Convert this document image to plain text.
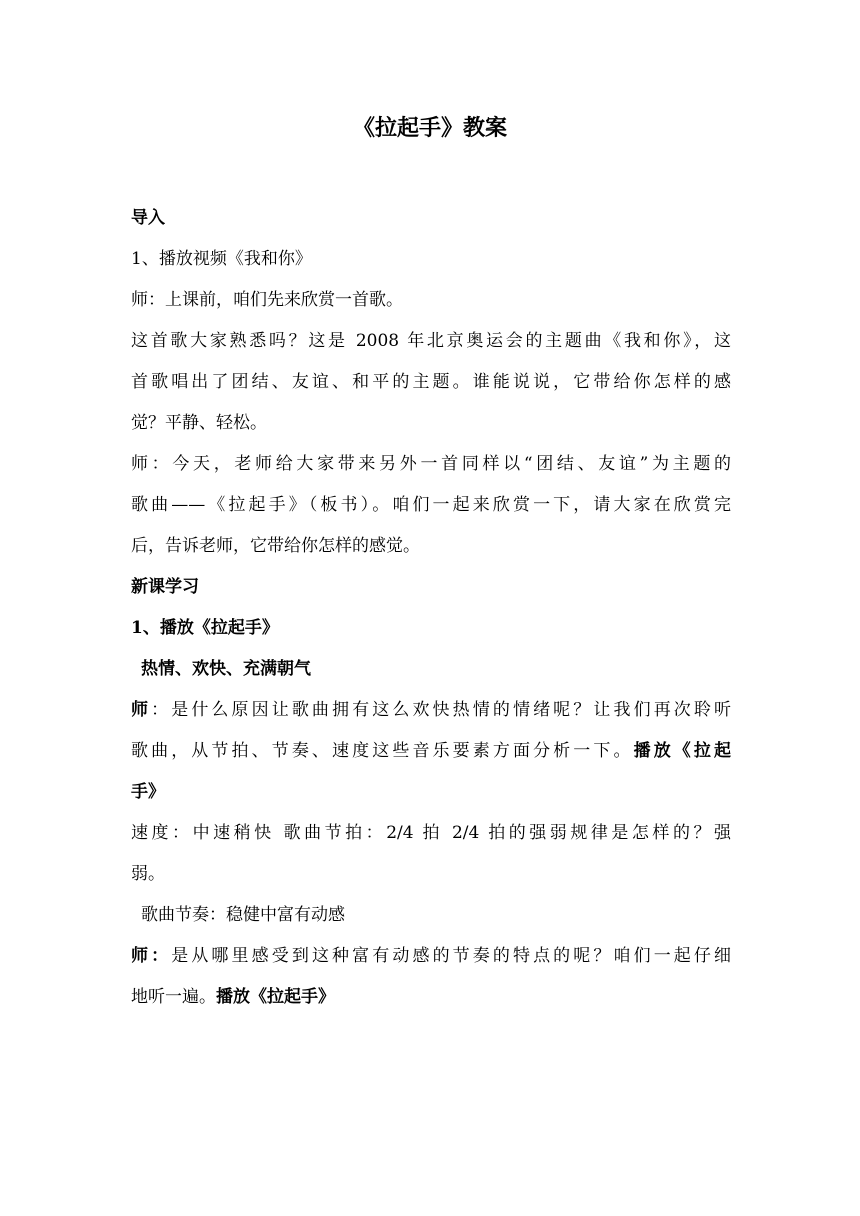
《拉起手》教案
导入
1、播放视频《我和你》
师：上课前，咱们先来欣赏一首歌。
这首歌大家熟悉吗？这是 2008 年北京奥运会的主题曲《我和你》，这
首歌唱出了团结、友谊、和平的主题。谁能说说，它带给你怎样的感
觉？平静、轻松。
师：今天，老师给大家带来另外一首同样以“团结、友谊”为主题的
歌曲——《拉起手》（板书）。咱们一起来欣赏一下，请大家在欣赏完
后，告诉老师，它带给你怎样的感觉。
新课学习
1、播放《拉起手》
热情、欢快、充满朝气
师：是什么原因让歌曲拥有这么欢快热情的情绪呢？让我们再次聆听
歌曲，从节拍、节奏、速度这些音乐要素方面分析一下。播放《拉起
手》
速度：中速稍快 歌曲节拍：2/4 拍 2/4 拍的强弱规律是怎样的？强
弱。
歌曲节奏：稳健中富有动感
师：是从哪里感受到这种富有动感的节奏的特点的呢？咱们一起仔细
地听一遍。播放《拉起手》
